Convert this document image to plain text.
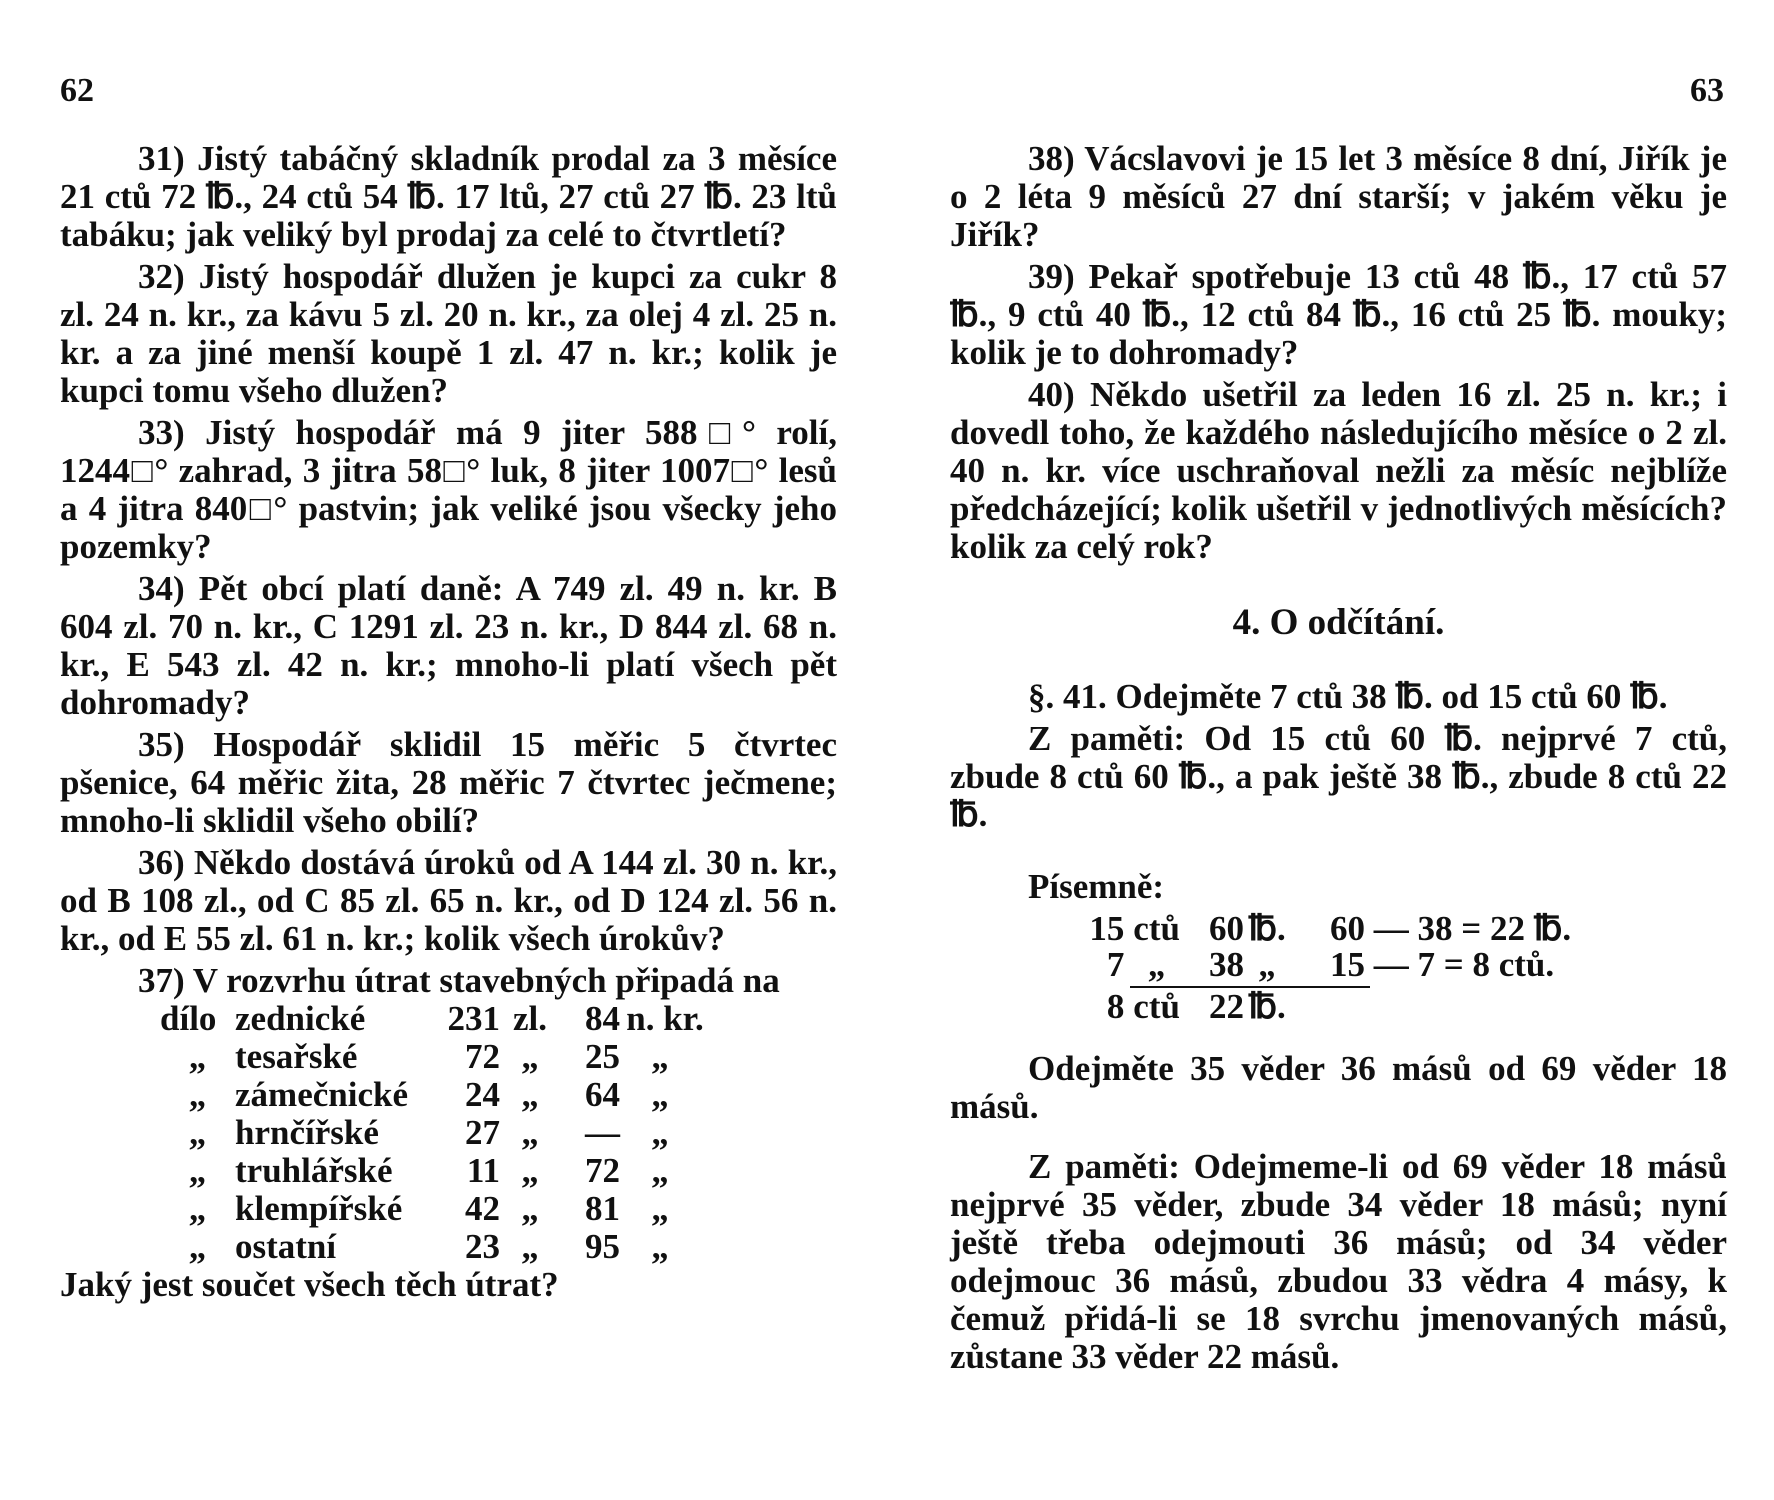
62

31) Jistý tabáčný skladník prodal za 3 měsíce 21 ctů 72 ℔., 24 ctů 54 ℔. 17 ltů, 27 ctů 27 ℔. 23 ltů tabáku; jak veliký byl prodaj za celé to čtvrtletí?

32) Jistý hospodář dlužen je kupci za cukr 8 zl. 24 n. kr., za kávu 5 zl. 20 n. kr., za olej 4 zl. 25 n. kr. a za jiné menší koupě 1 zl. 47 n. kr.; kolik je kupci tomu všeho dlužen?

33) Jistý hospodář má 9 jiter 588□° rolí, 1244□° zahrad, 3 jitra 58□° luk, 8 jiter 1007□° lesů a 4 jitra 840□° pastvin; jak veliké jsou všecky jeho pozemky?

34) Pět obcí platí daně: A 749 zl. 49 n. kr. B 604 zl. 70 n. kr., C 1291 zl. 23 n. kr., D 844 zl. 68 n. kr., E 543 zl. 42 n. kr.; mnoho-li platí všech pět dohromady?

35) Hospodář sklidil 15 měřic 5 čtvrtec pšenice, 64 měřic žita, 28 měřic 7 čtvrtec ječmene; mnoho-li sklidil všeho obilí?

36) Někdo dostává úroků od A 144 zl. 30 n. kr., od B 108 zl., od C 85 zl. 65 n. kr., od D 124 zl. 56 n. kr., od E 55 zl. 61 n. kr.; kolik všech úrokův?

37) V rozvrhu útrat stavebných připadá na

dílo zednické	231 zl.	84 n. kr.
„ tesařské	72 „	25 „
„ zámečnické	24 „	64 „
„ hrnčířské	27 „	— „
„ truhlářské	11 „	72 „
„ klempířské	42 „	81 „
„ ostatní	23 „	95 „

Jaký jest součet všech těch útrat?

63

38) Vácslavovi je 15 let 3 měsíce 8 dní, Jiřík je o 2 léta 9 měsíců 27 dní starší; v jakém věku je Jiřík?

39) Pekař spotřebuje 13 ctů 48 ℔., 17 ctů 57 ℔., 9 ctů 40 ℔., 12 ctů 84 ℔., 16 ctů 25 ℔. mouky; kolik je to dohromady?

40) Někdo ušetřil za leden 16 zl. 25 n. kr.; i dovedl toho, že každého následujícího měsíce o 2 zl. 40 n. kr. více uschraňoval nežli za měsíc nejblíže předcházející; kolik ušetřil v jednotlivých měsících? kolik za celý rok?

4. O odčítání.

§. 41. Odejměte 7 ctů 38 ℔. od 15 ctů 60 ℔.

Z paměti: Od 15 ctů 60 ℔. nejprvé 7 ctů, zbude 8 ctů 60 ℔., a pak ještě 38 ℔., zbude 8 ctů 22 ℔.

Písemně:
15 ctů 60 ℔.
7 „	38 „
8 ctů 22 ℔.
60 — 38 = 22 ℔.
15 — 7 = 8 ctů.

Odejměte 35 věder 36 másů od 69 věder 18 másů.

Z paměti: Odejmeme-li od 69 věder 18 másů nejprvé 35 věder, zbude 34 věder 18 másů; nyní ještě třeba odejmouti 36 másů; od 34 věder odejmouc 36 másů, zbudou 33 vědra 4 másy, k čemuž přidá-li se 18 svrchu jmenovaných másů, zůstane 33 věder 22 másů.
